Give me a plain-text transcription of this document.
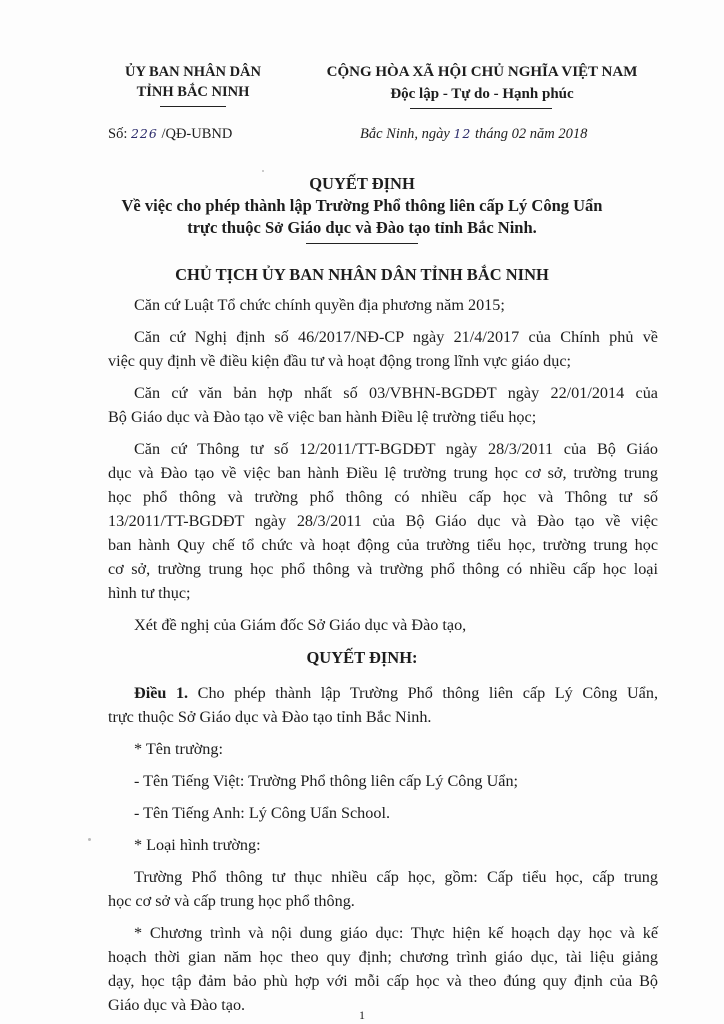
ỦY BAN NHÂN DÂN
TỈNH BẮC NINH
Số: 226 /QĐ-UBND
CỘNG HÒA XÃ HỘI CHỦ NGHĨA VIỆT NAM
Độc lập - Tự do - Hạnh phúc
Bắc Ninh, ngày 12 tháng 02 năm 2018
QUYẾT ĐỊNH
Về việc cho phép thành lập Trường Phổ thông liên cấp Lý Công Uẩn
trực thuộc Sở Giáo dục và Đào tạo tỉnh Bắc Ninh.
CHỦ TỊCH ỦY BAN NHÂN DÂN TỈNH BẮC NINH
Căn cứ Luật Tổ chức chính quyền địa phương năm 2015;
Căn cứ Nghị định số 46/2017/NĐ-CP ngày 21/4/2017 của Chính phủ về
việc quy định về điều kiện đầu tư và hoạt động trong lĩnh vực giáo dục;
Căn cứ văn bản hợp nhất số 03/VBHN-BGDĐT ngày 22/01/2014 của
Bộ Giáo dục và Đào tạo về việc ban hành Điều lệ trường tiểu học;
Căn cứ Thông tư số 12/2011/TT-BGDĐT ngày 28/3/2011 của Bộ Giáo
dục và Đào tạo về việc ban hành Điều lệ trường trung học cơ sở, trường trung
học phổ thông và trường phổ thông có nhiều cấp học và Thông tư số
13/2011/TT-BGDĐT ngày 28/3/2011 của Bộ Giáo dục và Đào tạo về việc
ban hành Quy chế tổ chức và hoạt động của trường tiểu học, trường trung học
cơ sở, trường trung học phổ thông và trường phổ thông có nhiều cấp học loại
hình tư thục;
Xét đề nghị của Giám đốc Sở Giáo dục và Đào tạo,
QUYẾT ĐỊNH:
Điều 1. Cho phép thành lập Trường Phổ thông liên cấp Lý Công Uẩn,
trực thuộc Sở Giáo dục và Đào tạo tỉnh Bắc Ninh.
* Tên trường:
- Tên Tiếng Việt: Trường Phổ thông liên cấp Lý Công Uẩn;
- Tên Tiếng Anh: Lý Công Uẩn School.
* Loại hình trường:
Trường Phổ thông tư thục nhiều cấp học, gồm: Cấp tiểu học, cấp trung
học cơ sở và cấp trung học phổ thông.
* Chương trình và nội dung giáo dục: Thực hiện kế hoạch dạy học và kế
hoạch thời gian năm học theo quy định; chương trình giáo dục, tài liệu giảng
dạy, học tập đảm bảo phù hợp với mỗi cấp học và theo đúng quy định của Bộ
Giáo dục và Đào tạo.
1
